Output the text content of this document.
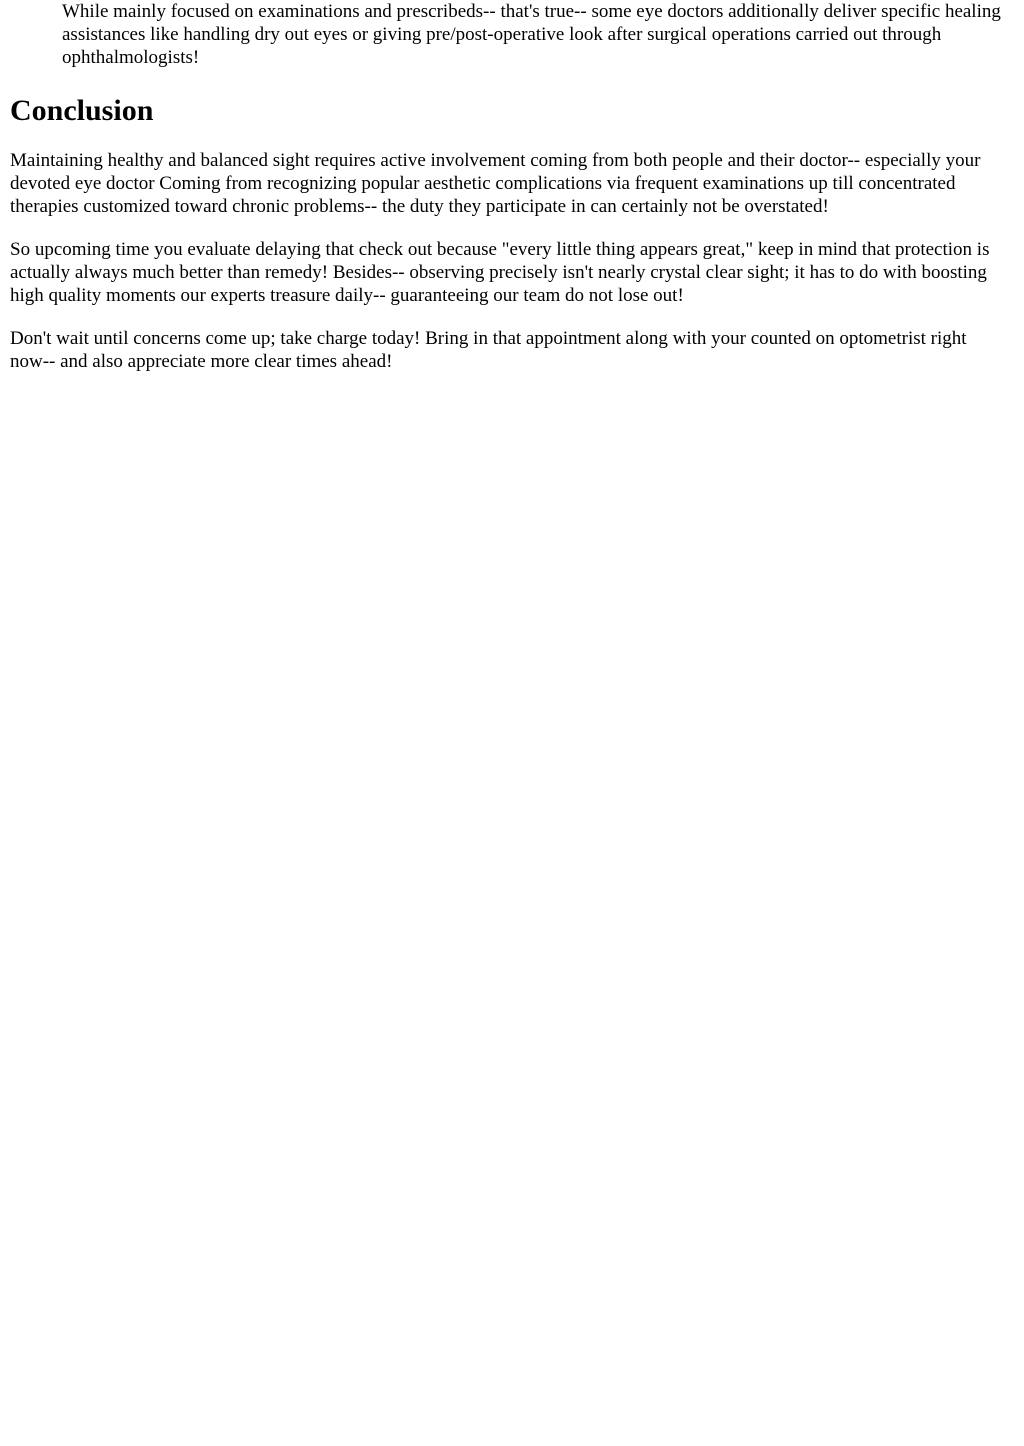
While mainly focused on examinations and prescribeds-- that's true-- some eye doctors additionally deliver specific healing assistances like handling dry out eyes or giving pre/post-operative look after surgical operations carried out through ophthalmologists!

Conclusion

Maintaining healthy and balanced sight requires active involvement coming from both people and their doctor-- especially your devoted eye doctor Coming from recognizing popular aesthetic complications via frequent examinations up till concentrated therapies customized toward chronic problems-- the duty they participate in can certainly not be overstated!

So upcoming time you evaluate delaying that check out because "every little thing appears great," keep in mind that protection is actually always much better than remedy! Besides-- observing precisely isn't nearly crystal clear sight; it has to do with boosting high quality moments our experts treasure daily-- guaranteeing our team do not lose out!

Don't wait until concerns come up; take charge today! Bring in that appointment along with your counted on optometrist right now-- and also appreciate more clear times ahead!
